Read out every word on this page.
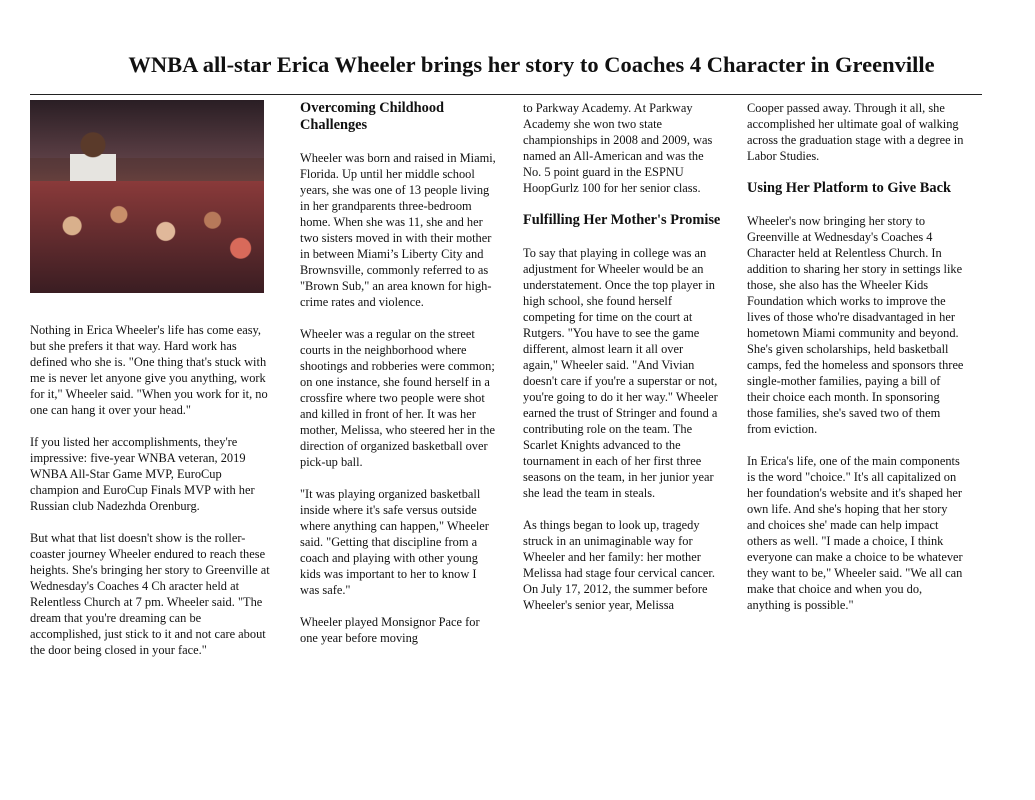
WNBA all-star Erica Wheeler brings her story to Coaches 4 Character in Greenville

Nothing in Erica Wheeler's life has come easy, but she prefers it that way. Hard work has defined who she is. "One thing that's stuck with me is never let anyone give you anything, work for it," Wheeler said. "When you work for it, no one can hang it over your head."

If you listed her accomplishments, they're impressive: five-year WNBA veteran, 2019 WNBA All-Star Game MVP, EuroCup champion and EuroCup Finals MVP with her Russian club Nadezhda Orenburg.

But what that list doesn't show is the roller-coaster journey Wheeler endured to reach these heights. She's bringing her story to Greenville at Wednesday's Coaches 4 Ch aracter held at Relentless Church at 7 pm. Wheeler said. "The dream that you're dreaming can be accomplished, just stick to it and not care about the door being closed in your face."

Overcoming Childhood Challenges

Wheeler was born and raised in Miami, Florida. Up until her middle school years, she was one of 13 people living in her grandparents three-bedroom home. When she was 11, she and her two sisters moved in with their mother in between Miami’s Liberty City and Brownsville, commonly referred to as "Brown Sub," an area known for high-crime rates and violence.

Wheeler was a regular on the street courts in the neighborhood where shootings and robberies were common; on one instance, she found herself in a crossfire where two people were shot and killed in front of her. It was her mother, Melissa, who steered her in the direction of organized basketball over pick-up ball.

"It was playing organized basketball inside where it's safe versus outside where anything can happen," Wheeler said. "Getting that discipline from a coach and playing with other young kids was important to her to know I was safe."

Wheeler played Monsignor Pace for one year before moving

to Parkway Academy. At Parkway Academy she won two state championships in 2008 and 2009, was named an All-American and was the No. 5 point guard in the ESPNU HoopGurlz 100 for her senior class.

Fulfilling Her Mother's Promise

To say that playing in college was an adjustment for Wheeler would be an understatement. Once the top player in high school, she found herself competing for time on the court at Rutgers. "You have to see the game different, almost learn it all over again," Wheeler said. "And Vivian doesn't care if you're a superstar or not, you're going to do it her way." Wheeler earned the trust of Stringer and found a contributing role on the team. The Scarlet Knights advanced to the tournament in each of her first three seasons on the team, in her junior year she lead the team in steals.

As things began to look up, tragedy struck in an unimaginable way for Wheeler and her family: her mother Melissa had stage four cervical cancer. On July 17, 2012, the summer before Wheeler's senior year, Melissa

Cooper passed away. Through it all, she accomplished her ultimate goal of walking across the graduation stage with a degree in Labor Studies.

Using Her Platform to Give Back

Wheeler's now bringing her story to Greenville at Wednesday's Coaches 4 Character held at Relentless Church. In addition to sharing her story in settings like those, she also has the Wheeler Kids Foundation which works to improve the lives of those who're disadvantaged in her hometown Miami community and beyond. She's given scholarships, held basketball camps, fed the homeless and sponsors three single-mother families, paying a bill of their choice each month. In sponsoring those families, she's saved two of them from eviction.

In Erica's life, one of the main components is the word "choice." It's all capitalized on her foundation's website and it's shaped her own life. And she's hoping that her story and choices she' made can help impact others as well. "I made a choice, I think everyone can make a choice to be whatever they want to be," Wheeler said. "We all can make that choice and when you do, anything is possible."
